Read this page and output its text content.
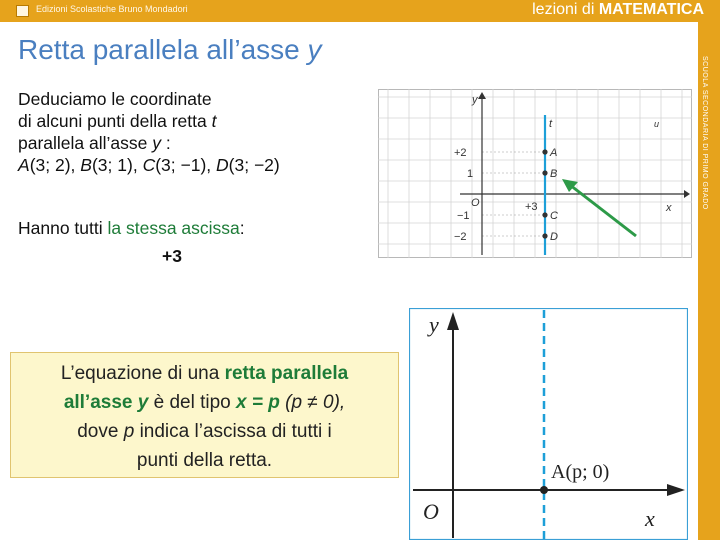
Edizioni Scolastiche Bruno Mondadori	lezioni di MATEMATICA
SCUOLA SECONDARIA DI PRIMO GRADO
Retta parallela all’asse y
Deduciamo le coordinate
di alcuni punti della retta t
parallela all’asse y :
A(3; 2), B(3; 1), C(3; −1), D(3; −2)
Hanno tutti la stessa ascissa:
+3
y
x
O
t	u
+2
1
−1
−2
+3
A
B
C
D
y
x
O
A(p; 0)
L’equazione di una retta parallela
all’asse y è del tipo x = p (p ≠ 0),
dove p indica l’ascissa di tutti i
punti della retta.
